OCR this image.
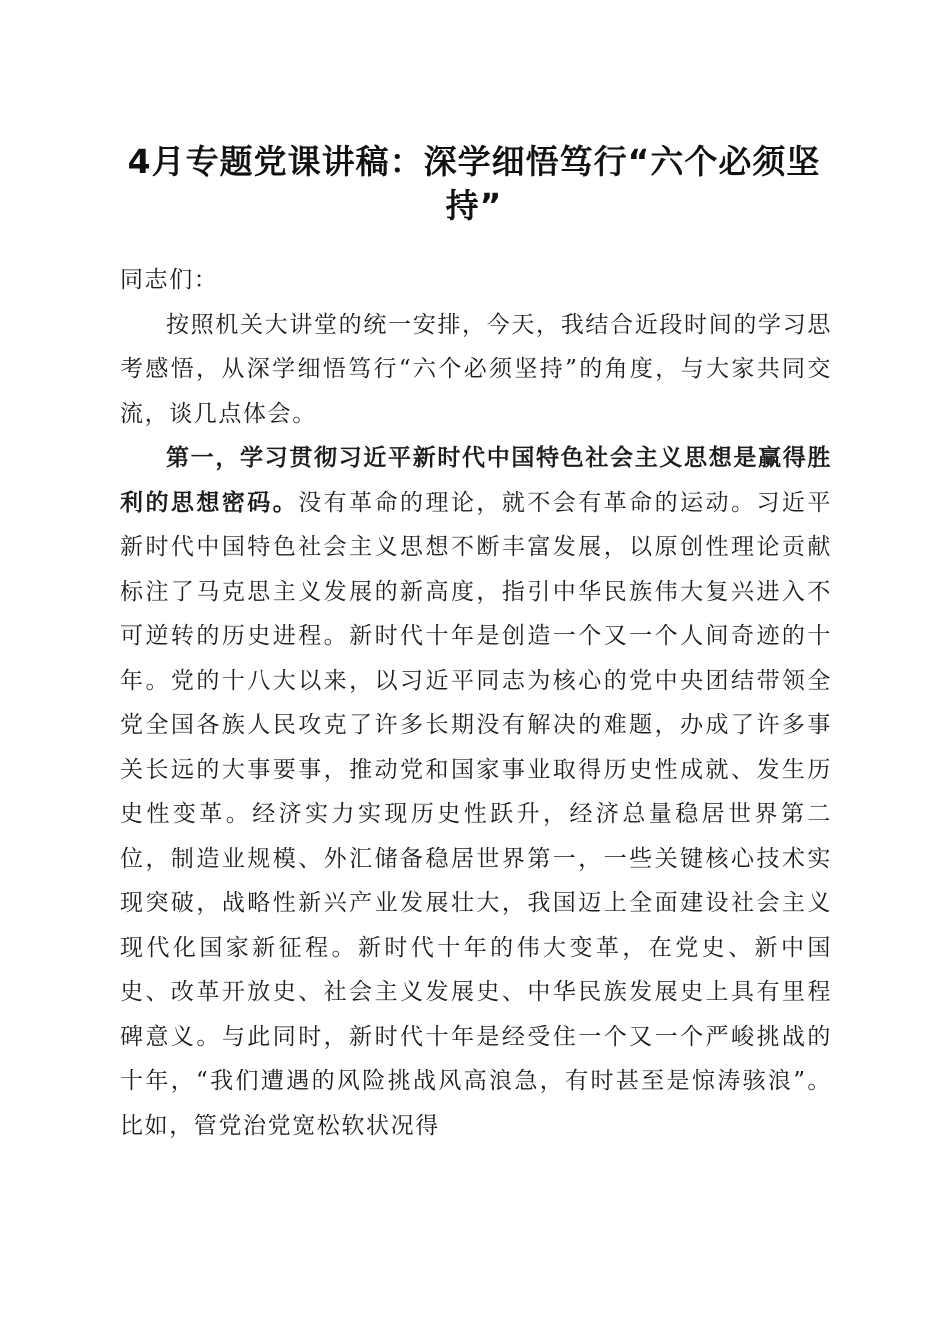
4月专题党课讲稿：深学细悟笃行“六个必须坚持”

同志们：

按照机关大讲堂的统一安排，今天，我结合近段时间的学习思考感悟，从深学细悟笃行“六个必须坚持”的角度，与大家共同交流，谈几点体会。

第一，学习贯彻习近平新时代中国特色社会主义思想是赢得胜利的思想密码。没有革命的理论，就不会有革命的运动。习近平新时代中国特色社会主义思想不断丰富发展，以原创性理论贡献标注了马克思主义发展的新高度，指引中华民族伟大复兴进入不可逆转的历史进程。新时代十年是创造一个又一个人间奇迹的十年。党的十八大以来，以习近平同志为核心的党中央团结带领全党全国各族人民攻克了许多长期没有解决的难题，办成了许多事关长远的大事要事，推动党和国家事业取得历史性成就、发生历史性变革。经济实力实现历史性跃升，经济总量稳居世界第二位，制造业规模、外汇储备稳居世界第一，一些关键核心技术实现突破，战略性新兴产业发展壮大，我国迈上全面建设社会主义现代化国家新征程。新时代十年的伟大变革，在党史、新中国史、改革开放史、社会主义发展史、中华民族发展史上具有里程碑意义。与此同时，新时代十年是经受住一个又一个严峻挑战的十年，“我们遭遇的风险挑战风高浪急，有时甚至是惊涛骇浪”。比如，管党治党宽松软状况得
